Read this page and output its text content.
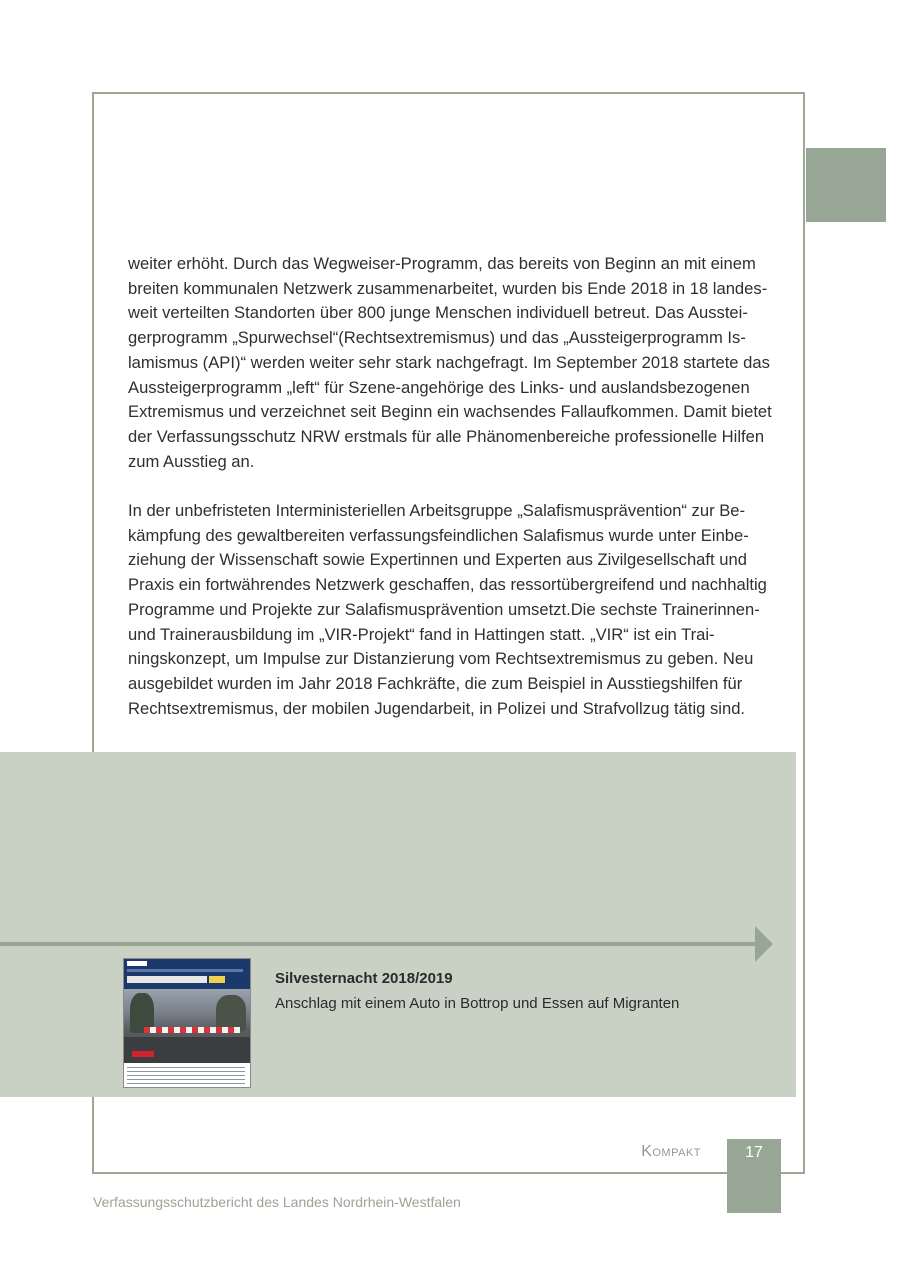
weiter erhöht. Durch das Wegweiser-Programm, das bereits von Beginn an mit einem breiten kommunalen Netzwerk zusammenarbeitet, wurden bis Ende 2018 in 18 landesweit verteilten Standorten über 800 junge Menschen individuell betreut. Das Aussteigerprogramm „Spurwechsel“(Rechtsextremismus) und das „Aussteigerprogramm Islamismus (API)“ werden weiter sehr stark nachgefragt. Im September 2018 startete das Aussteigerprogramm „left“ für Szene‑angehörige des Links- und auslandsbezogenen Extremismus und verzeichnet seit Beginn ein wachsendes Fallaufkommen. Damit bietet der Verfassungsschutz NRW erstmals für alle Phänomenbereiche professionelle Hilfen zum Ausstieg an.

In der unbefristeten Interministeriellen Arbeitsgruppe „Salafismusprävention“ zur Bekämpfung des gewaltbereiten verfassungsfeindlichen Salafismus wurde unter Einbeziehung der Wissenschaft sowie Expertinnen und Experten aus Zivilgesellschaft und Praxis ein fortwährendes Netzwerk geschaffen, das ressortübergreifend und nachhaltig Programme und Projekte zur Salafismusprävention umsetzt.Die sechste Trainerinnen- und Trainerausbildung im „VIR-Projekt“ fand in Hattingen statt. „VIR“ ist ein Trainingskonzept, um Impulse zur Distanzierung vom Rechtsextremismus zu geben. Neu ausgebildet wurden im Jahr 2018 Fachkräfte, die zum Beispiel in Ausstiegshilfen für Rechtsextremismus, der mobilen Jugendarbeit, in Polizei und Strafvollzug tätig sind.

Silvesternacht 2018/2019
Anschlag mit einem Auto in Bottrop und Essen auf Migranten
Kompakt	17
Verfassungsschutzbericht des Landes Nordrhein-Westfalen
